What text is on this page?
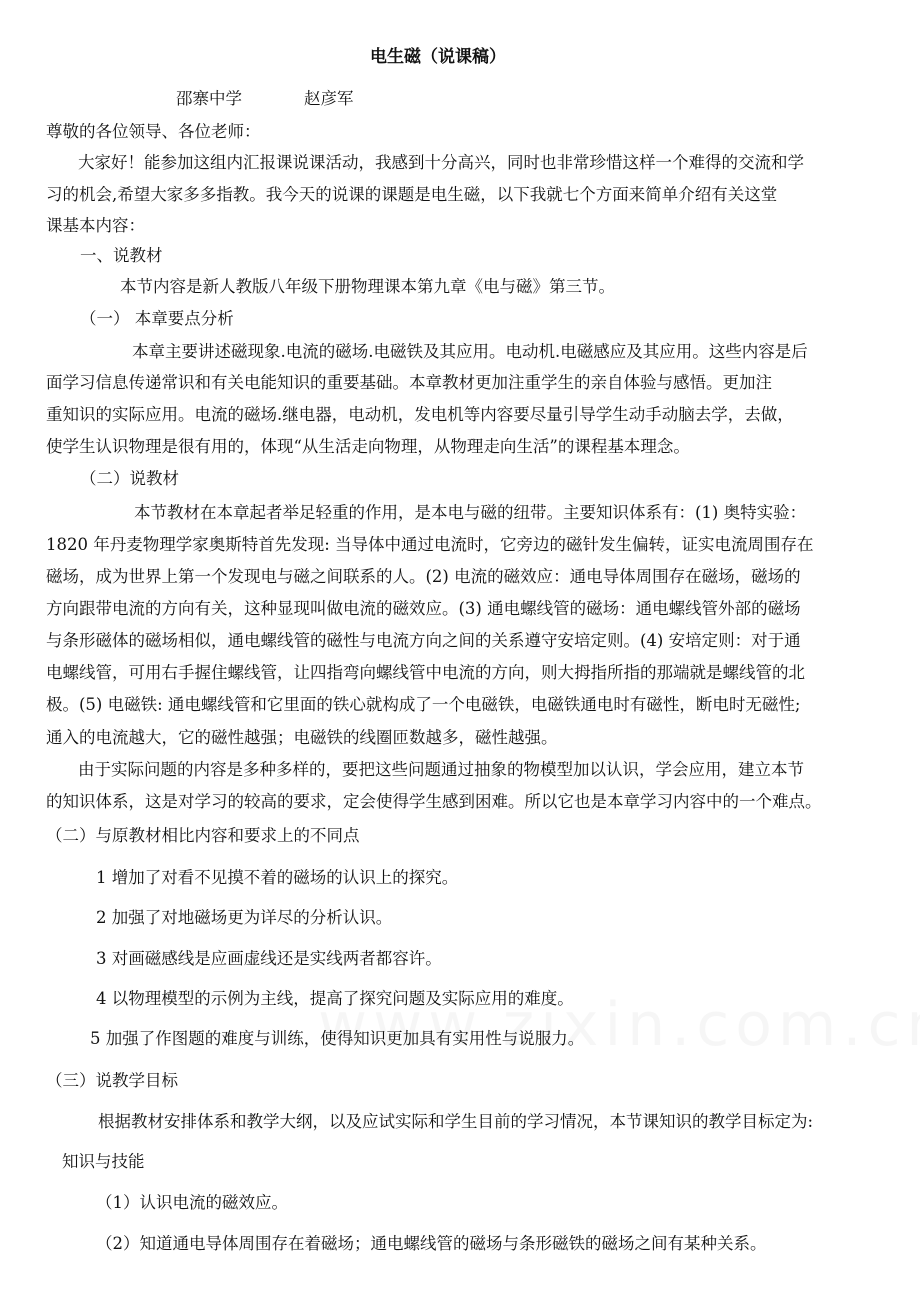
电生磁（说课稿）
邵寨中学	赵彦军
尊敬的各位领导、各位老师：
大家好！能参加这组内汇报课说课活动，我感到十分高兴，同时也非常珍惜这样一个难得的交流和学
习的机会,希望大家多多指教。我今天的说课的课题是电生磁，以下我就七个方面来简单介绍有关这堂
课基本内容：
一、说教材
本节内容是新人教版八年级下册物理课本第九章《电与磁》第三节。
（一） 本章要点分析
本章主要讲述磁现象.电流的磁场.电磁铁及其应用。电动机.电磁感应及其应用。这些内容是后
面学习信息传递常识和有关电能知识的重要基础。本章教材更加注重学生的亲自体验与感悟。更加注
重知识的实际应用。电流的磁场.继电器，电动机，发电机等内容要尽量引导学生动手动脑去学，去做，
使学生认识物理是很有用的，体现“从生活走向物理，从物理走向生活”的课程基本理念。
（二）说教材
本节教材在本章起者举足轻重的作用，是本电与磁的纽带。主要知识体系有：(1) 奥特实验：
1820 年丹麦物理学家奥斯特首先发现: 当导体中通过电流时，它旁边的磁针发生偏转，证实电流周围存在
磁场，成为世界上第一个发现电与磁之间联系的人。(2) 电流的磁效应：通电导体周围存在磁场，磁场的
方向跟带电流的方向有关，这种显现叫做电流的磁效应。(3) 通电螺线管的磁场：通电螺线管外部的磁场
与条形磁体的磁场相似，通电螺线管的磁性与电流方向之间的关系遵守安培定则。(4) 安培定则：对于通
电螺线管，可用右手握住螺线管，让四指弯向螺线管中电流的方向，则大拇指所指的那端就是螺线管的北
极。(5) 电磁铁: 通电螺线管和它里面的铁心就构成了一个电磁铁，电磁铁通电时有磁性，断电时无磁性;
通入的电流越大，它的磁性越强；电磁铁的线圈匝数越多，磁性越强。
由于实际问题的内容是多种多样的，要把这些问题通过抽象的物模型加以认识，学会应用，建立本节
的知识体系，这是对学习的较高的要求，定会使得学生感到困难。所以它也是本章学习内容中的一个难点。
（二）与原教材相比内容和要求上的不同点
1 增加了对看不见摸不着的磁场的认识上的探究。
2 加强了对地磁场更为详尽的分析认识。
3 对画磁感线是应画虚线还是实线两者都容许。
4 以物理模型的示例为主线，提高了探究问题及实际应用的难度。
5 加强了作图题的难度与训练，使得知识更加具有实用性与说服力。
（三）说教学目标
根据教材安排体系和教学大纲，以及应试实际和学生目前的学习情况，本节课知识的教学目标定为:
知识与技能
（1）认识电流的磁效应。
（2）知道通电导体周围存在着磁场；通电螺线管的磁场与条形磁铁的磁场之间有某种关系。
